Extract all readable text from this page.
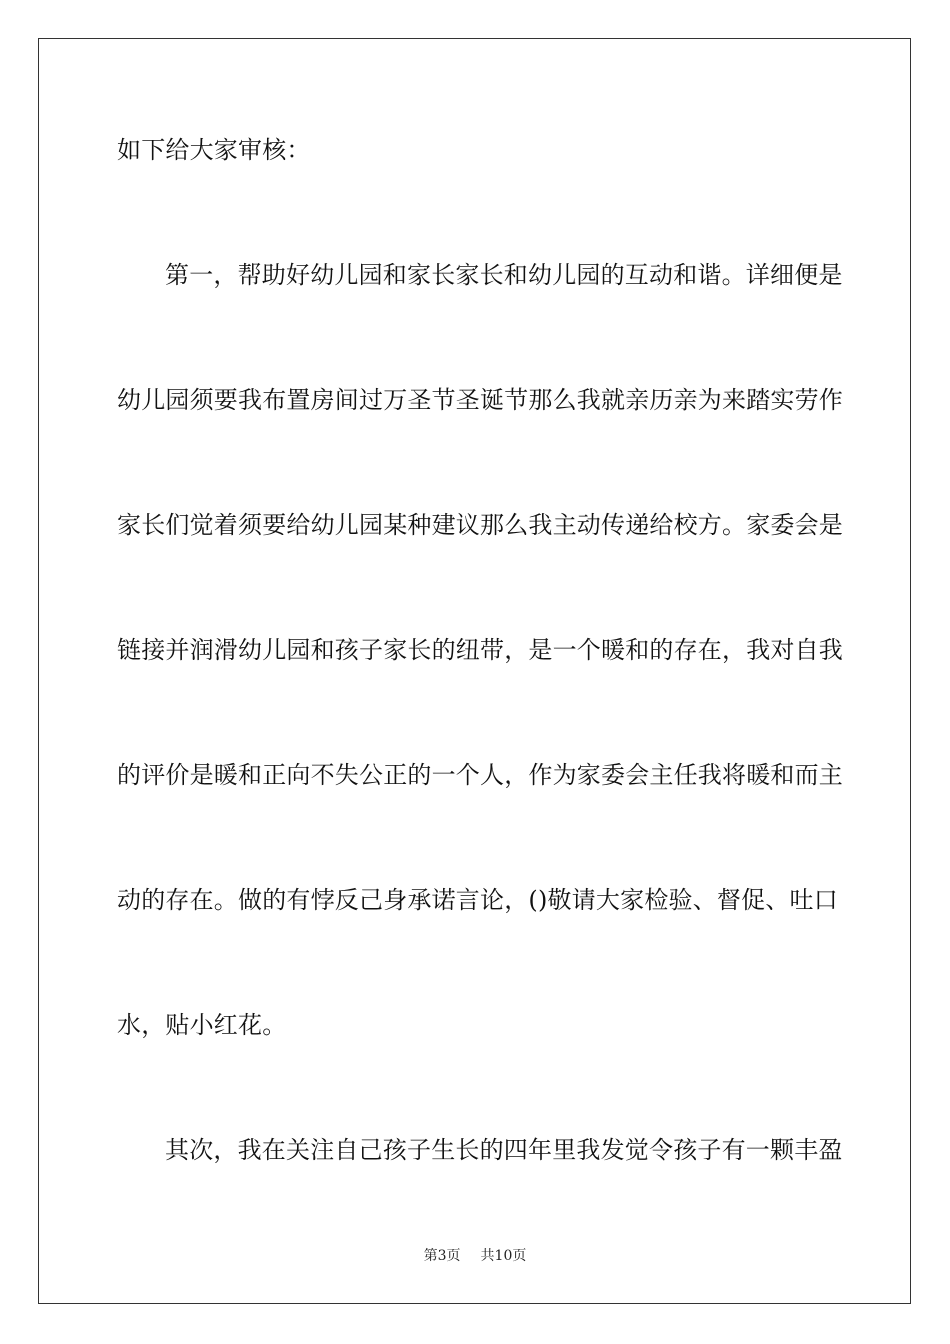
如下给大家审核：
第一，帮助好幼儿园和家长家长和幼儿园的互动和谐。详细便是
幼儿园须要我布置房间过万圣节圣诞节那么我就亲历亲为来踏实劳作
家长们觉着须要给幼儿园某种建议那么我主动传递给校方。家委会是
链接并润滑幼儿园和孩子家长的纽带，是一个暖和的存在，我对自我
的评价是暖和正向不失公正的一个人，作为家委会主任我将暖和而主
动的存在。做的有悖反己身承诺言论，()敬请大家检验、督促、吐口
水，贴小红花。
其次，我在关注自己孩子生长的四年里我发觉令孩子有一颗丰盈
第3页 共10页
